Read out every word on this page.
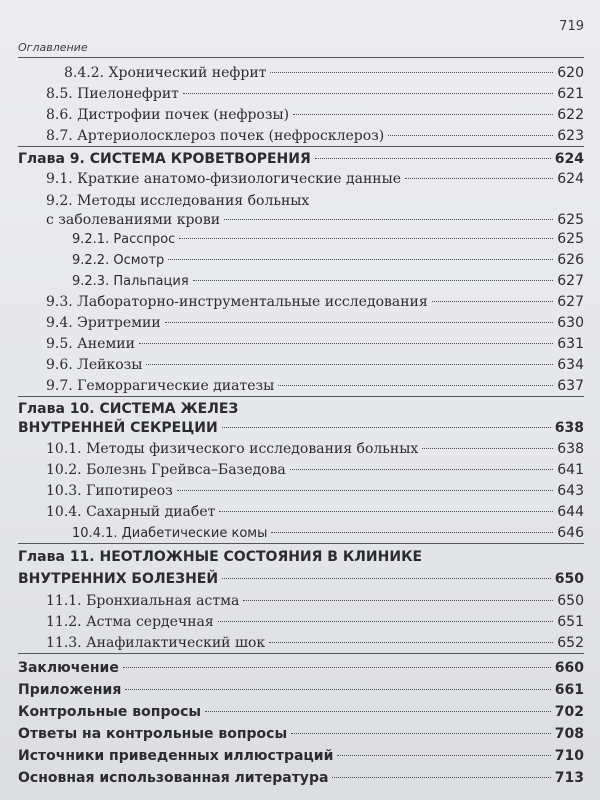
719
Оглавление
8.4.2. Хронический нефрит	620
8.5. Пиелонефрит	621
8.6. Дистрофии почек (нефрозы)	622
8.7. Артериолосклероз почек (нефросклероз)	623
Глава 9. СИСТЕМА КРОВЕТВОРЕНИЯ	624
9.1. Краткие анатомо-физиологические данные	624
9.2. Методы исследования больных
с заболеваниями крови	625
9.2.1. Расспрос	625
9.2.2. Осмотр	626
9.2.3. Пальпация	627
9.3. Лабораторно-инструментальные исследования	627
9.4. Эритремии	630
9.5. Анемии	631
9.6. Лейкозы	634
9.7. Геморрагические диатезы	637
Глава 10. СИСТЕМА ЖЕЛЕЗ
ВНУТРЕННЕЙ СЕКРЕЦИИ	638
10.1. Методы физического исследования больных	638
10.2. Болезнь Грейвса–Базедова	641
10.3. Гипотиреоз	643
10.4. Сахарный диабет	644
10.4.1. Диабетические комы	646
Глава 11. НЕОТЛОЖНЫЕ СОСТОЯНИЯ В КЛИНИКЕ
ВНУТРЕННИХ БОЛЕЗНЕЙ	650
11.1. Бронхиальная астма	650
11.2. Астма сердечная	651
11.3. Анафилактический шок	652
Заключение	660
Приложения	661
Контрольные вопросы	702
Ответы на контрольные вопросы	708
Источники приведенных иллюстраций	710
Основная использованная литература	713
